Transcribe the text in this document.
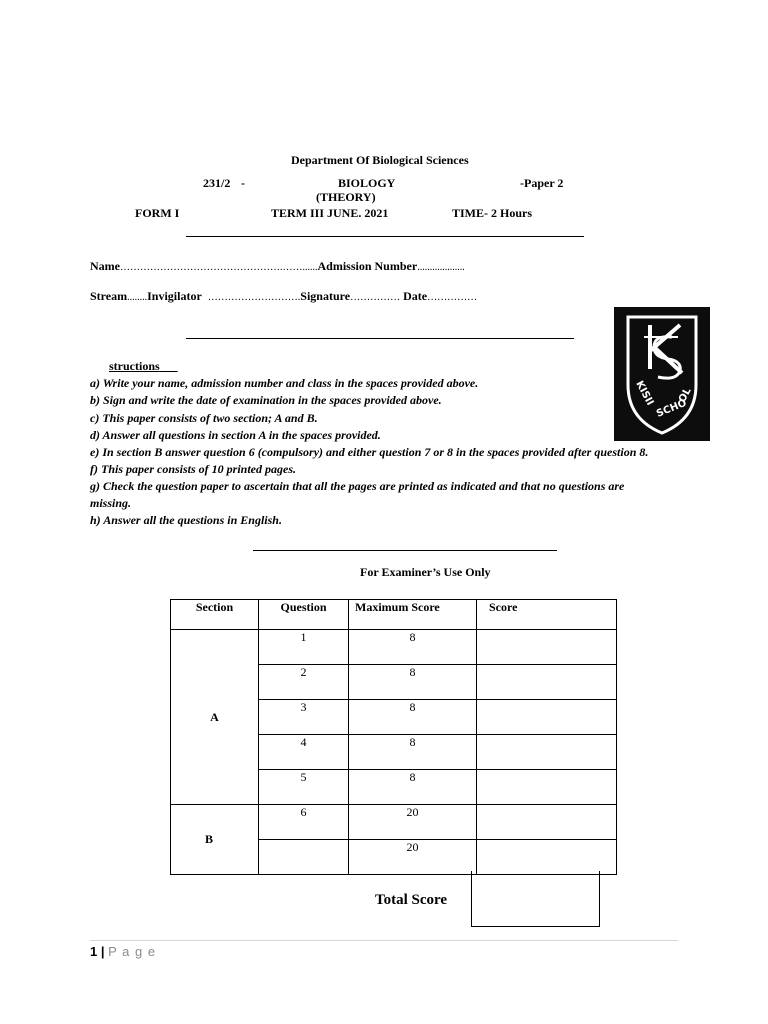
Department Of Biological Sciences
231/2 -	BIOLOGY	-Paper 2
(THEORY)
FORM I	TERM III JUNE. 2021	TIME- 2 Hours
Name………………………………………….……......Admission Number...................
Stream........Invigilator ……………………….Signature…………… Date……………
KISII
SCHO
OL
structions
a) Write your name, admission number and class in the spaces provided above.
b) Sign and write the date of examination in the spaces provided above.
c) This paper consists of two section; A and B.
d) Answer all questions in section A in the spaces provided.
e) In section B answer question 6 (compulsory) and either question 7 or 8 in the spaces provided after question 8.
f) This paper consists of 10 printed pages.
g) Check the question paper to ascertain that all the pages are printed as indicated and that no questions are
missing.
h) Answer all the questions in English.
For Examiner’s Use Only
Section	Question	Maximum Score	Score
A	1	8	
	2	8	
	3	8	
	4	8	
	5	8	
B	6	20	
		20	
Total Score
1 | P a g e
